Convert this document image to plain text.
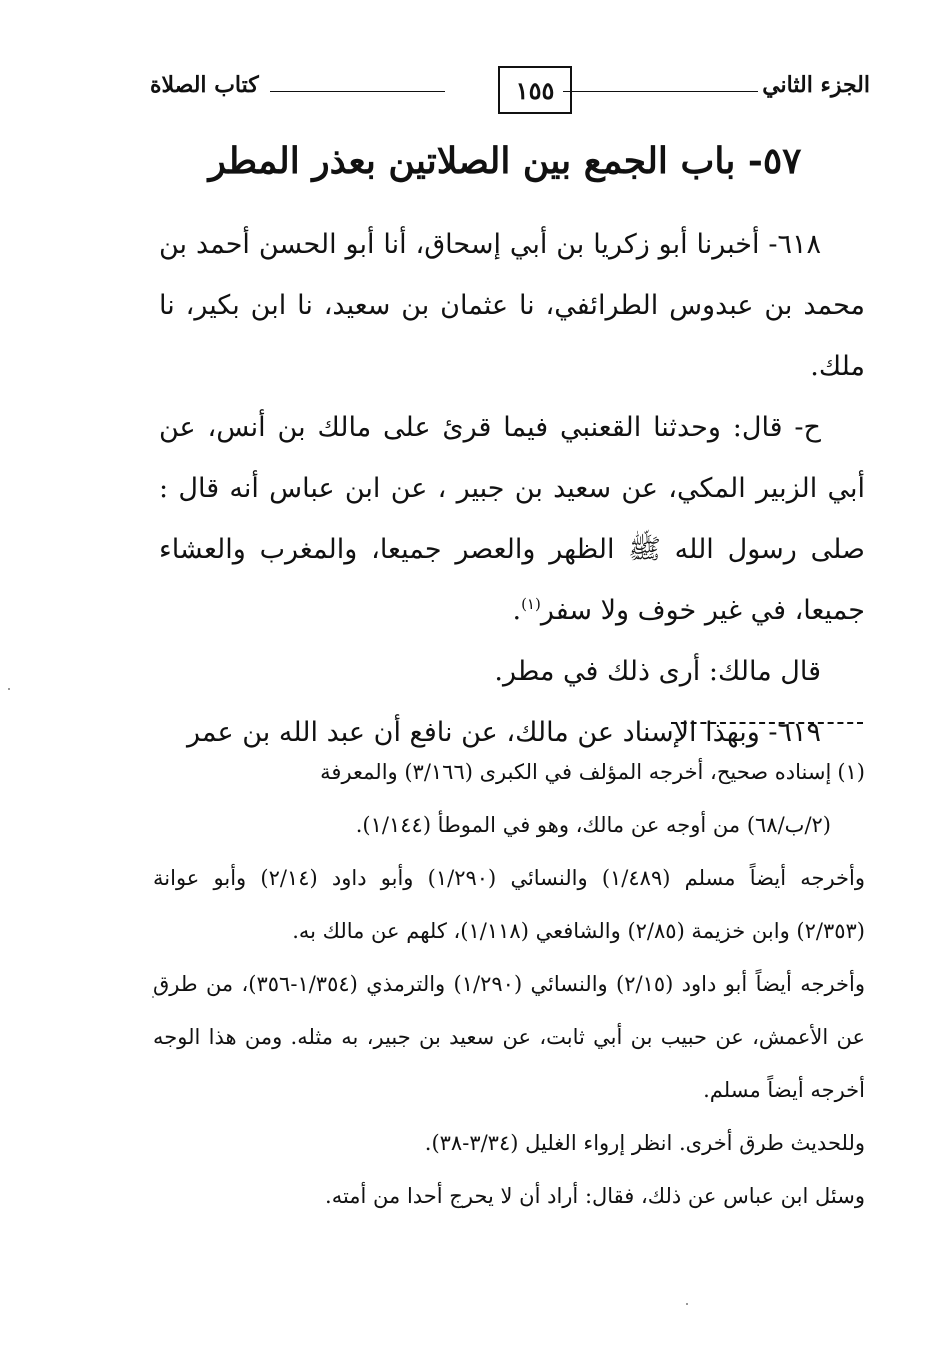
الجزء الثاني
١٥٥
كتاب الصلاة
٥٧- باب الجمع بين الصلاتين بعذر المطر

٦١٨- أخبرنا أبو زكريا بن أبي إسحاق، أنا أبو الحسن أحمد بن محمد بن عبدوس الطرائفي، نا عثمان بن سعيد، نا ابن بكير، نا ملك.

ح- قال: وحدثنا القعنبي فيما قرئ على مالك بن أنس، عن أبي الزبير المكي، عن سعيد بن جبير ، عن ابن عباس أنه قال : صلى رسول الله ﷺ الظهر والعصر جميعا، والمغرب والعشاء جميعا، في غير خوف ولا سفر$^{(١)}$.

قال مالك: أرى ذلك في مطر.

٦١٩- وبهذا الإسناد عن مالك، عن نافع أن عبد الله بن عمر

(١)إسناده صحيح، أخرجه المؤلف في الكبرى (٣/١٦٦) والمعرفة

(٢/ب/٦٨) من أوجه عن مالك، وهو في الموطأ (١/١٤٤).

وأخرجه أيضاً مسلم (١/٤٨٩) والنسائي (١/٢٩٠) وأبو داود (٢/١٤) وأبو عوانة (٢/٣٥٣) وابن خزيمة (٢/٨٥) والشافعي (١/١١٨)، كلهم عن مالك به.

وأخرجه أيضاً أبو داود (٢/١٥) والنسائي (١/٢٩٠) والترمذي (١/٣٥٤-٣٥٦)، من طرق عن الأعمش، عن حبيب بن أبي ثابت، عن سعيد بن جبير، به مثله. ومن هذا الوجه أخرجه أيضاً مسلم.

وللحديث طرق أخرى. انظر إرواء الغليل (٣/٣٤-٣٨).

وسئل ابن عباس عن ذلك، فقال: أراد أن لا يحرج أحدا من أمته.
